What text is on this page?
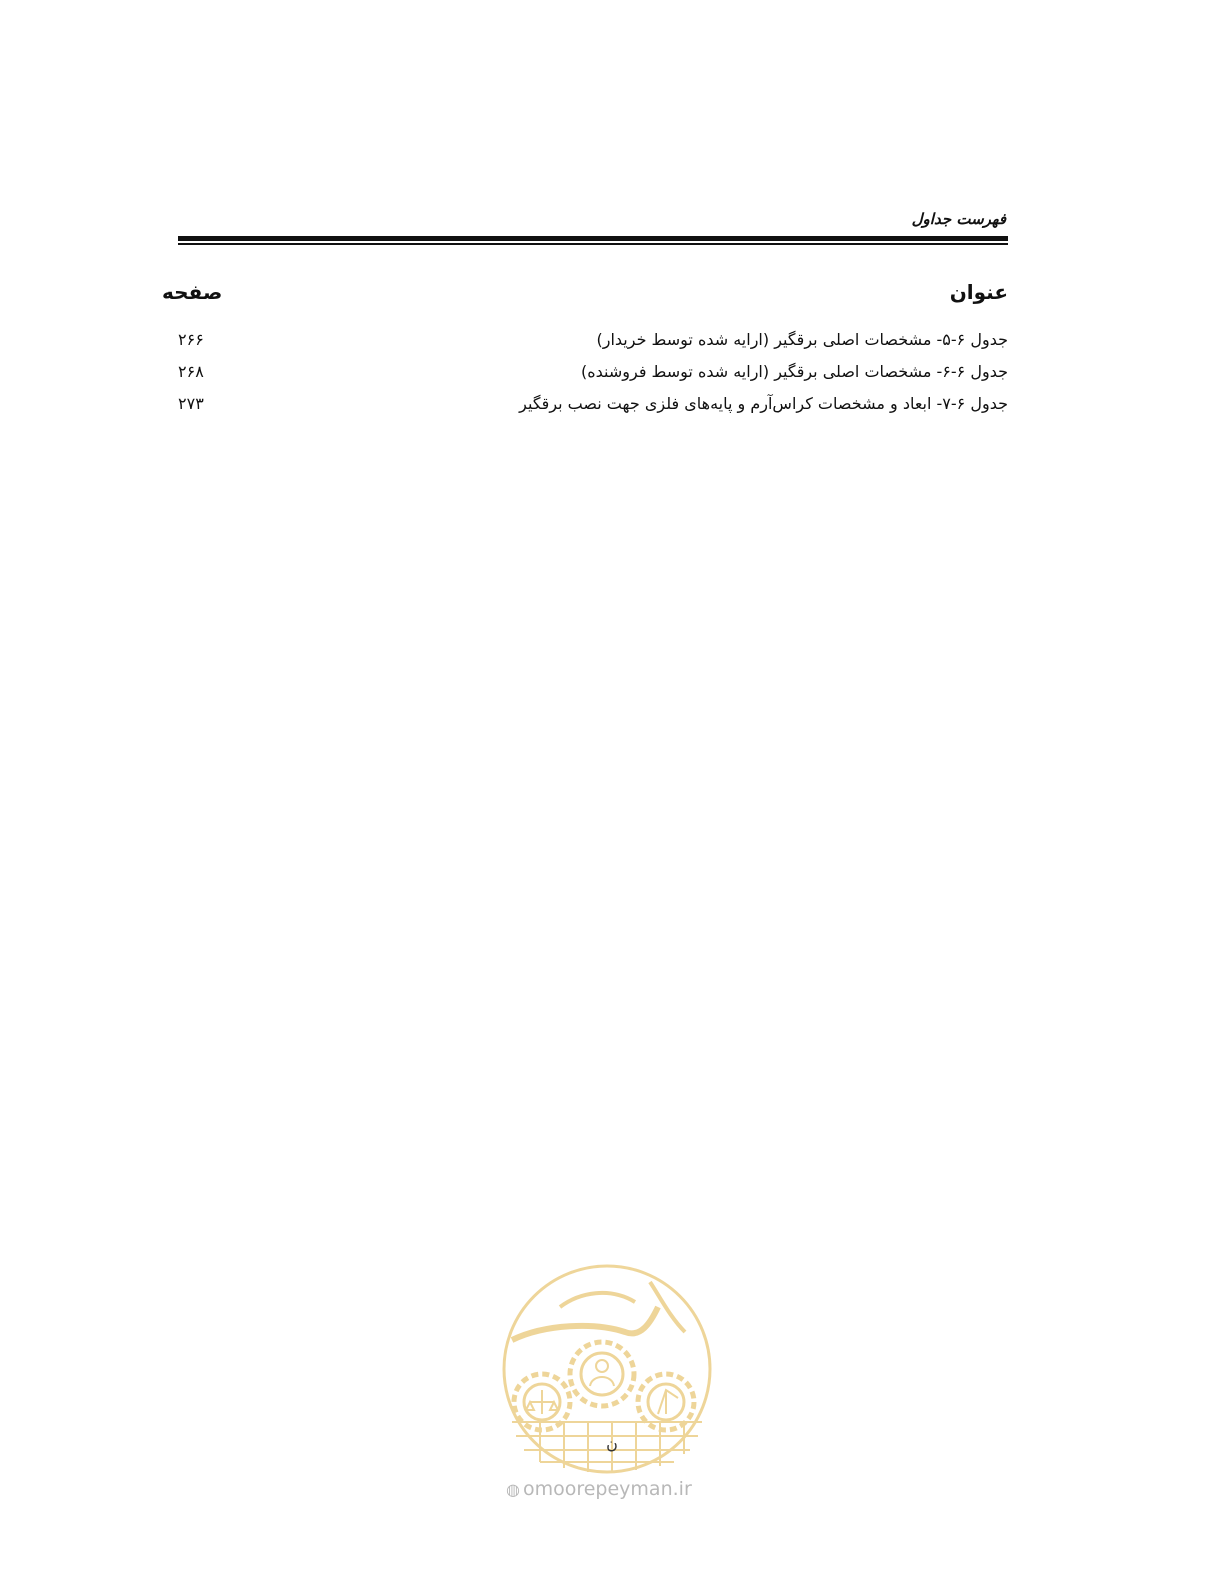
فهرست جداول
عنوان
صفحه
جدول ۶-۵- مشخصات اصلی برقگیر (ارایه شده توسط خریدار)
۲۶۶
جدول ۶-۶- مشخصات اصلی برقگیر (ارایه شده توسط فروشنده)
۲۶۸
جدول ۶-۷- ابعاد و مشخصات کراس‌آرم و پایه‌های فلزی جهت نصب برقگیر
۲۷۳
ن
◍ omoorepeyman.ir
